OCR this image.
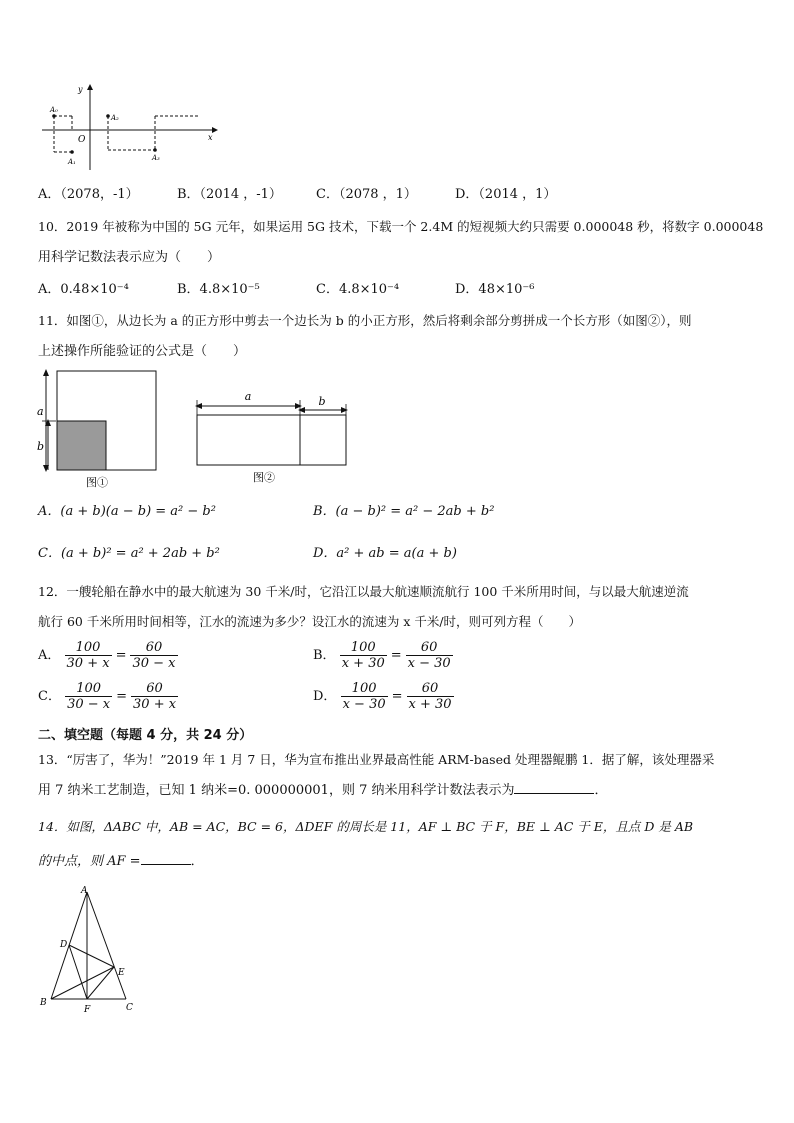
y
x
O
A₀
A₁
A₂
A₃
A．（2078，-1）	B．（2014 ，-1）	C．（2078 ，1）	D．（2014 ，1）
10．2019 年被称为中国的 5G 元年，如果运用 5G 技术，下载一个 2.4M 的短视频大约只需要 0.000048 秒，将数字 0.000048
用科学记数法表示应为（　　）
A．0.48×10⁻⁴	B．4.8×10⁻⁵	C．4.8×10⁻⁴	D．48×10⁻⁶
11．如图①，从边长为 a 的正方形中剪去一个边长为 b 的小正方形，然后将剩余部分剪拼成一个长方形（如图②），则
上述操作所能验证的公式是（　　）
a
b
图①
a	b
图②
A．(a + b)(a − b) = a² − b²	B．(a − b)² = a² − 2ab + b²
C．(a + b)² = a² + 2ab + b²	D．a² + ab = a(a + b)
12．一艘轮船在静水中的最大航速为 30 千米/时，它沿江以最大航速顺流航行 100 千米所用时间，与以最大航速逆流
航行 60 千米所用时间相等，江水的流速为多少？设江水的流速为 x 千米/时，则可列方程（　　）
A． $\frac{100}{30 + x} = \frac{60}{30 - x}$	B． $\frac{100}{x + 30} = \frac{60}{x - 30}$
C． $\frac{100}{30 - x} = \frac{60}{30 + x}$	D． $\frac{100}{x - 30} = \frac{60}{x + 30}$
二、填空题（每题 4 分，共 24 分）
13．“厉害了，华为！”2019 年 1 月 7 日，华为宣布推出业界最高性能 ARM-based 处理器鲲鹏 1．据了解，该处理器采
用 7 纳米工艺制造，已知 1 纳米=0. 000000001，则 7 纳米用科学计数法表示为	．
14．如图，ΔABC 中，AB = AC，BC = 6，ΔDEF 的周长是 11，AF ⊥ BC 于 F，BE ⊥ AC 于 E，且点 D 是 AB
的中点，则 AF =	．
A
B	C
D
E
F
